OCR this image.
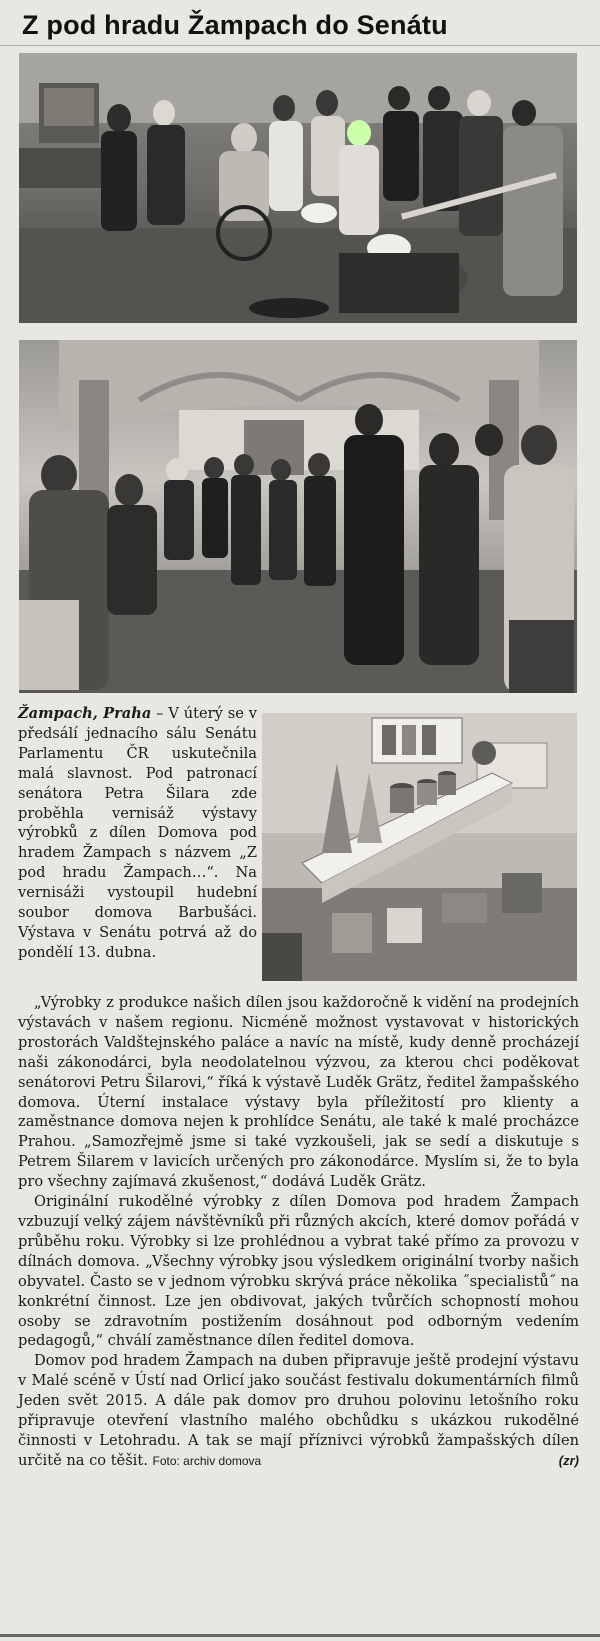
Z pod hradu Žampach do Senátu

Žampach, Praha – V úterý se v předsálí jednacího sálu Senátu Parlamentu ČR uskutečnila malá slavnost. Pod patronací senátora Petra Šilara zde proběhla vernisáž výstavy výrobků z dílen Domova pod hradem Žampach s názvem „Z pod hradu Žampach…“. Na vernisáži vystoupil hudební soubor domova Barbušáci. Výstava v Senátu potrvá až do pondělí 13. dubna.

„Výrobky z produkce našich dílen jsou každoročně k vidění na prodejních výstavách v našem regionu. Nicméně možnost vystavovat v historických prostorách Valdštejnského paláce a navíc na místě, kudy denně procházejí naši zákonodárci, byla neodolatelnou výzvou, za kterou chci poděkovat senátorovi Petru Šilarovi,“ říká k výstavě Luděk Grätz, ředitel žampašského domova. Úterní instalace výstavy byla příležitostí pro klienty a zaměstnance domova nejen k prohlídce Senátu, ale také k malé procházce Prahou. „Samozřejmě jsme si také vyzkoušeli, jak se sedí a diskutuje s Petrem Šilarem v lavicích určených pro zákonodárce. Myslím si, že to byla pro všechny zajímavá zkušenost,“ dodává Luděk Grätz.

Originální rukodělné výrobky z dílen Domova pod hradem Žampach vzbuzují velký zájem návštěvníků při různých akcích, které domov pořádá v průběhu roku. Výrobky si lze prohlédnou a vybrat také přímo za provozu v dílnách domova. „Všechny výrobky jsou výsledkem originální tvorby našich obyvatel. Často se v jednom výrobku skrývá práce několika ˝specialistů˝ na konkrétní činnost. Lze jen obdivovat, jakých tvůrčích schopností mohou osoby se zdravotním postižením dosáhnout pod odborným vedením pedagogů,“ chválí zaměstnance dílen ředitel domova.

Domov pod hradem Žampach na duben připravuje ještě prodejní výstavu v Malé scéně v Ústí nad Orlicí jako součást festivalu dokumentárních filmů Jeden svět 2015. A dále pak domov pro druhou polovinu letošního roku připravuje otevření vlastního malého obchůdku s ukázkou rukodělné činnosti v Letohradu. A tak se mají příznivci výrobků žampašských dílen určitě na co těšit. Foto: archiv domova	(zr)
